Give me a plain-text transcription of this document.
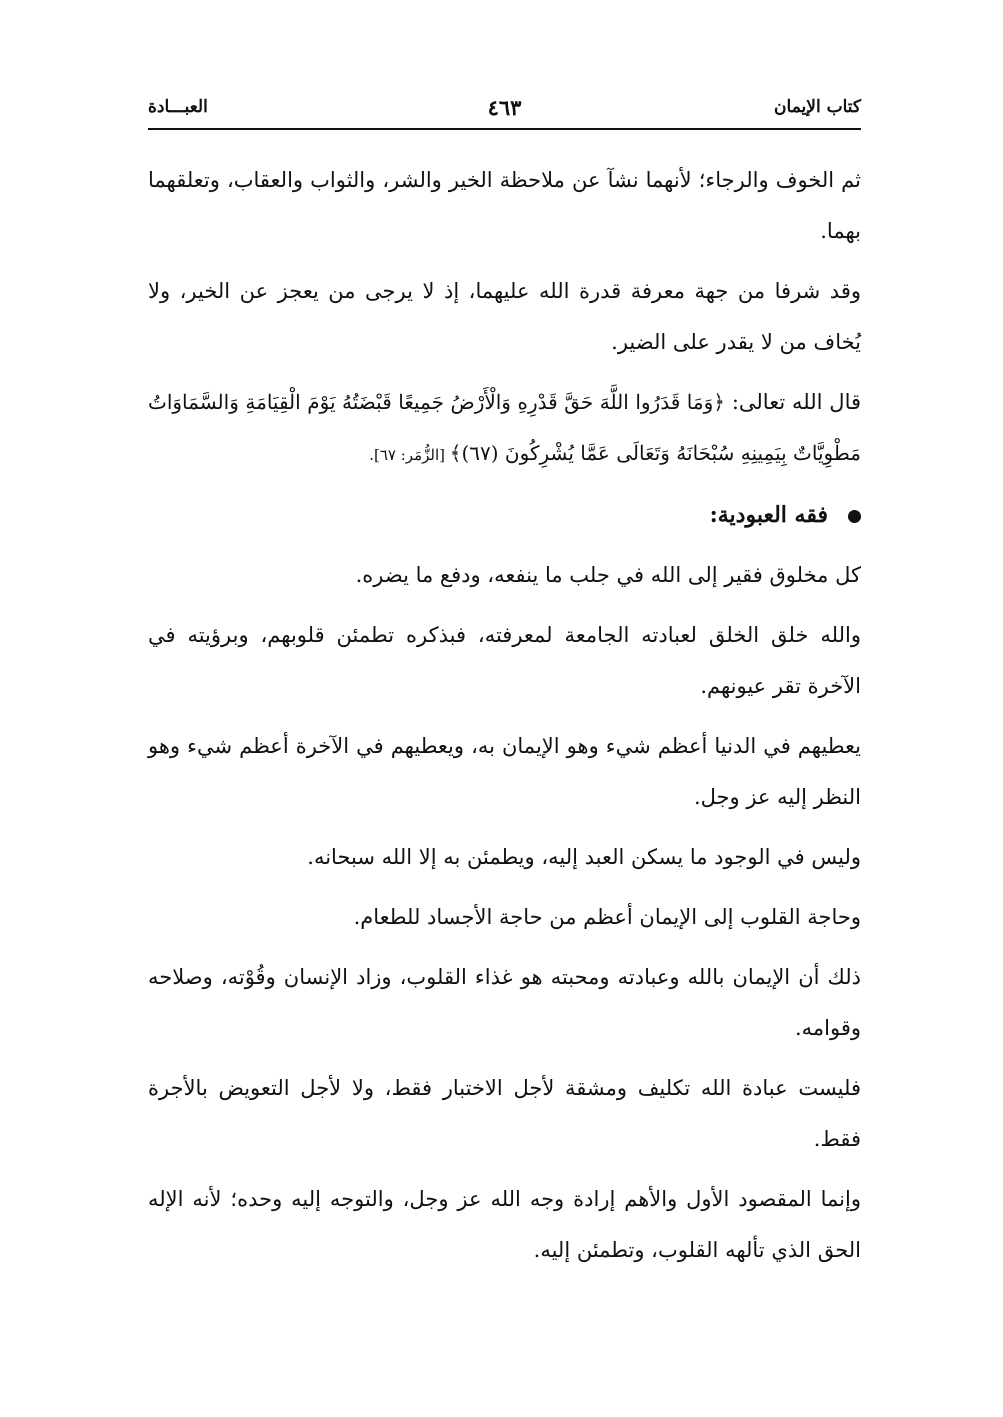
كتاب الإيمان
٤٦٣
العبـــادة

ثم الخوف والرجاء؛ لأنهما نشآ عن ملاحظة الخير والشر، والثواب والعقاب، وتعلقهما بهما.

وقد شرفا من جهة معرفة قدرة الله عليهما، إذ لا يرجى من يعجز عن الخير، ولا يُخاف من لا يقدر على الضير.

قال الله تعالى: ﴿وَمَا قَدَرُوا اللَّهَ حَقَّ قَدْرِهِ وَالْأَرْضُ جَمِيعًا قَبْضَتُهُ يَوْمَ الْقِيَامَةِ وَالسَّمَاوَاتُ مَطْوِيَّاتٌ بِيَمِينِهِ سُبْحَانَهُ وَتَعَالَى عَمَّا يُشْرِكُونَ (٦٧)﴾ [الزُّمَر: ٦٧].

فقه العبودية:

كل مخلوق فقير إلى الله في جلب ما ينفعه، ودفع ما يضره.

والله خلق الخلق لعبادته الجامعة لمعرفته، فبذكره تطمئن قلوبهم، وبرؤيته في الآخرة تقر عيونهم.

يعطيهم في الدنيا أعظم شيء وهو الإيمان به، ويعطيهم في الآخرة أعظم شيء وهو النظر إليه عز وجل.

وليس في الوجود ما يسكن العبد إليه، ويطمئن به إلا الله سبحانه.

وحاجة القلوب إلى الإيمان أعظم من حاجة الأجساد للطعام.

ذلك أن الإيمان بالله وعبادته ومحبته هو غذاء القلوب، وزاد الإنسان وقُوْته، وصلاحه وقوامه.

فليست عبادة الله تكليف ومشقة لأجل الاختبار فقط، ولا لأجل التعويض بالأجرة فقط.

وإنما المقصود الأول والأهم إرادة وجه الله عز وجل، والتوجه إليه وحده؛ لأنه الإله الحق الذي تألهه القلوب، وتطمئن إليه.
